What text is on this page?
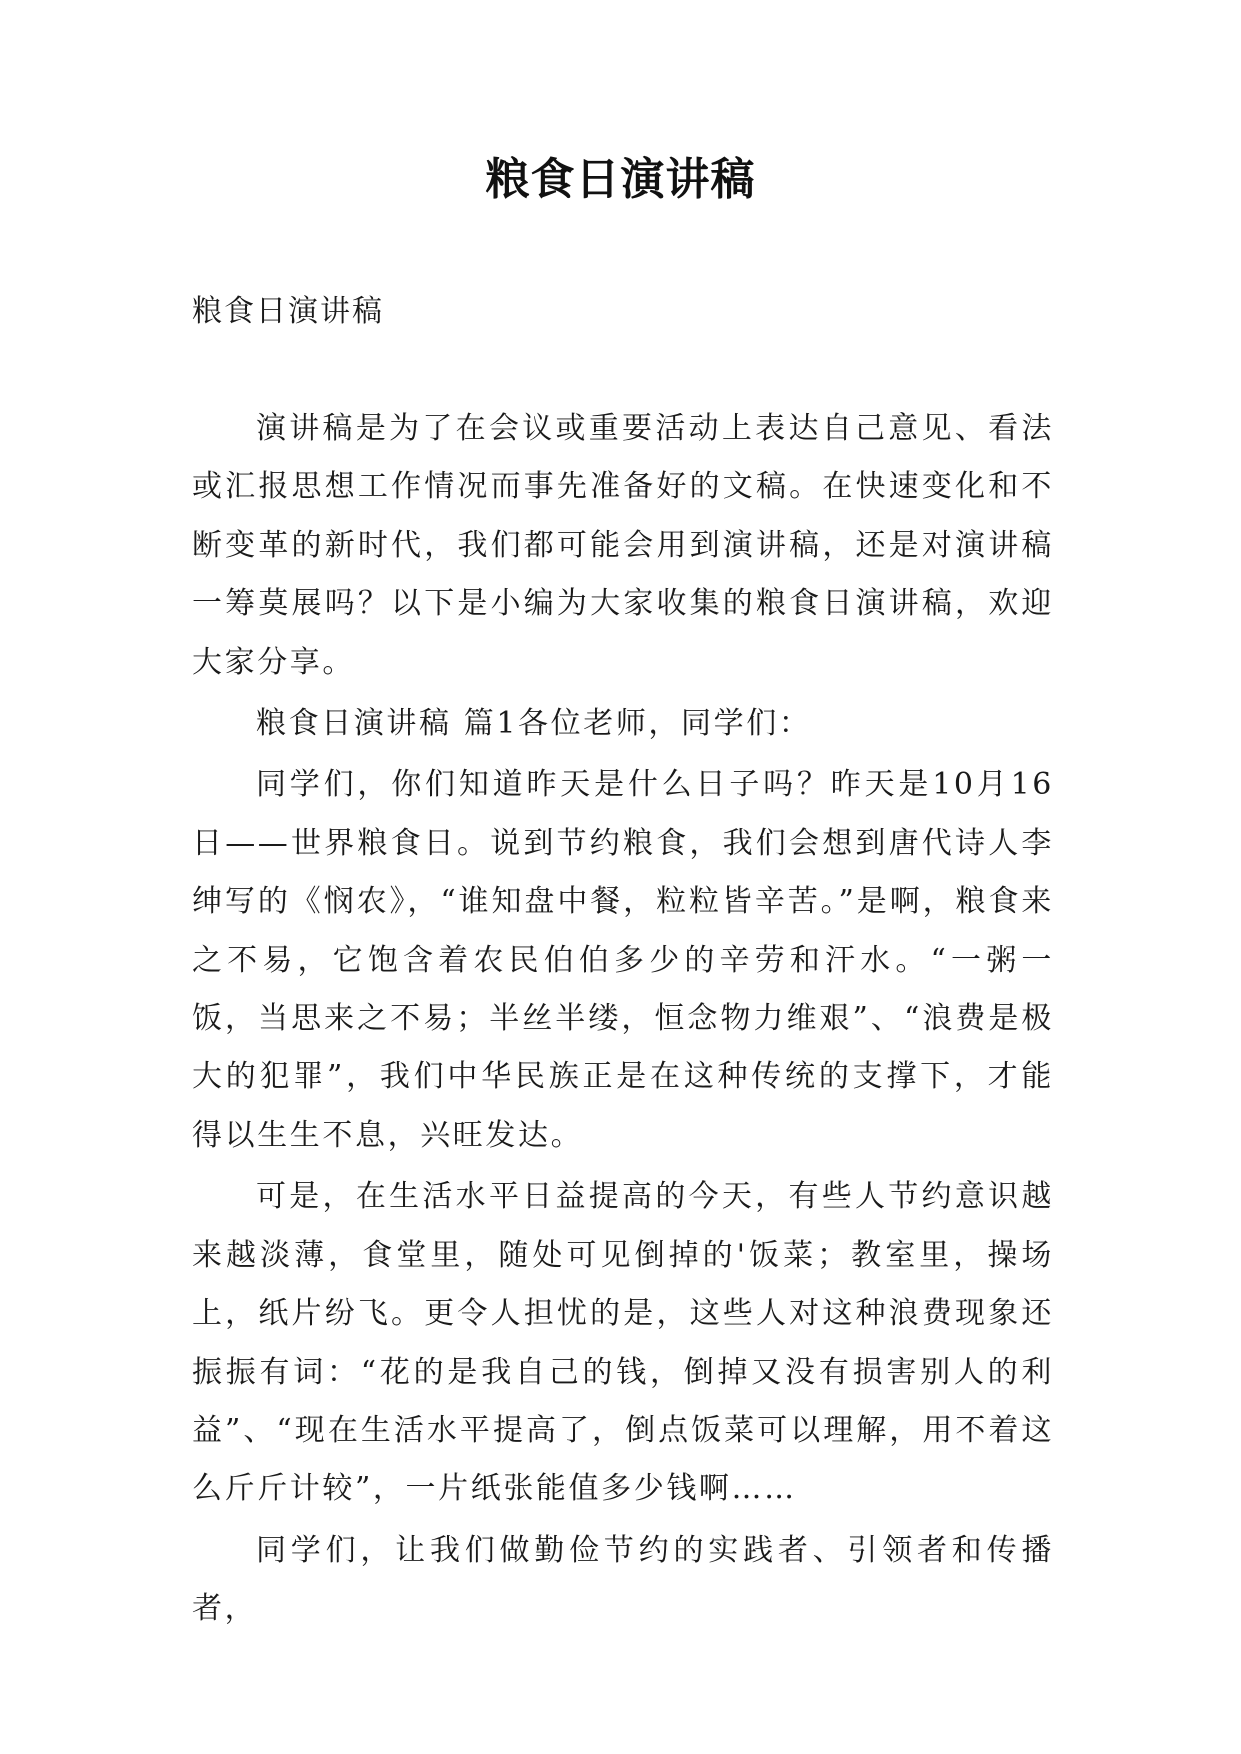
粮食日演讲稿
粮食日演讲稿

演讲稿是为了在会议或重要活动上表达自己意见、看法或汇报思想工作情况而事先准备好的文稿。在快速变化和不断变革的新时代，我们都可能会用到演讲稿，还是对演讲稿一筹莫展吗？以下是小编为大家收集的粮食日演讲稿，欢迎大家分享。

粮食日演讲稿 篇1各位老师，同学们：

同学们，你们知道昨天是什么日子吗？昨天是10月16日——世界粮食日。说到节约粮食，我们会想到唐代诗人李绅写的《悯农》，“谁知盘中餐，粒粒皆辛苦。”是啊，粮食来之不易，它饱含着农民伯伯多少的辛劳和汗水。“一粥一饭，当思来之不易；半丝半缕，恒念物力维艰”、“浪费是极大的犯罪”，我们中华民族正是在这种传统的支撑下，才能得以生生不息，兴旺发达。

可是，在生活水平日益提高的今天，有些人节约意识越来越淡薄，食堂里，随处可见倒掉的'饭菜；教室里，操场上，纸片纷飞。更令人担忧的是，这些人对这种浪费现象还振振有词：“花的是我自己的钱，倒掉又没有损害别人的利益”、“现在生活水平提高了，倒点饭菜可以理解，用不着这么斤斤计较”，一片纸张能值多少钱啊……

同学们，让我们做勤俭节约的实践者、引领者和传播者，
